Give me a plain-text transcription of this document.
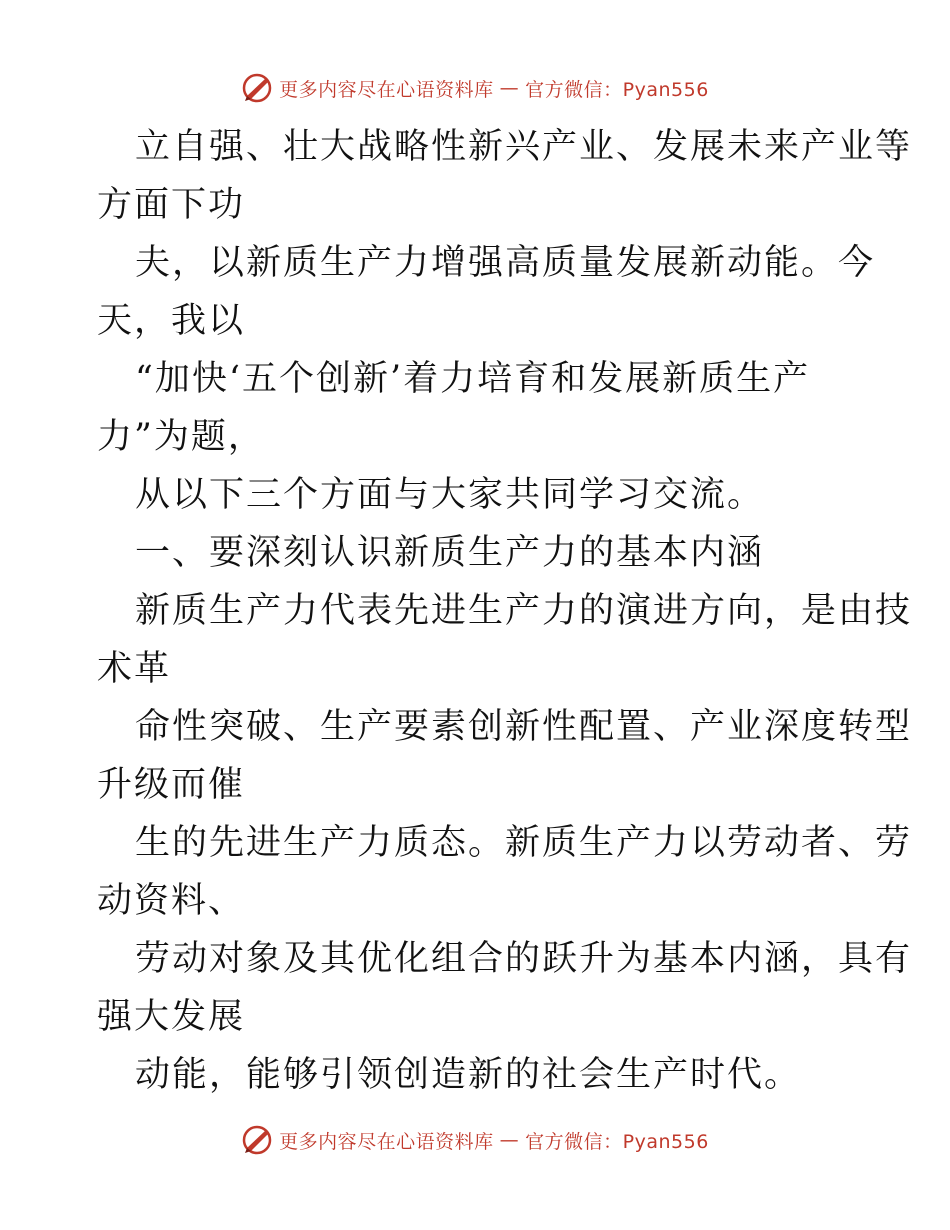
更多内容尽在心语资料库 — 官方微信：Pyan556
立自强、壮大战略性新兴产业、发展未来产业等
方面下功
夫，以新质生产力增强高质量发展新动能。今
天，我以
“加快‘五个创新’着力培育和发展新质生产
力”为题，
从以下三个方面与大家共同学习交流。
一、要深刻认识新质生产力的基本内涵
新质生产力代表先进生产力的演进方向，是由技
术革
命性突破、生产要素创新性配置、产业深度转型
升级而催
生的先进生产力质态。新质生产力以劳动者、劳
动资料、
劳动对象及其优化组合的跃升为基本内涵，具有
强大发展
动能，能够引领创造新的社会生产时代。
更多内容尽在心语资料库 — 官方微信：Pyan556
